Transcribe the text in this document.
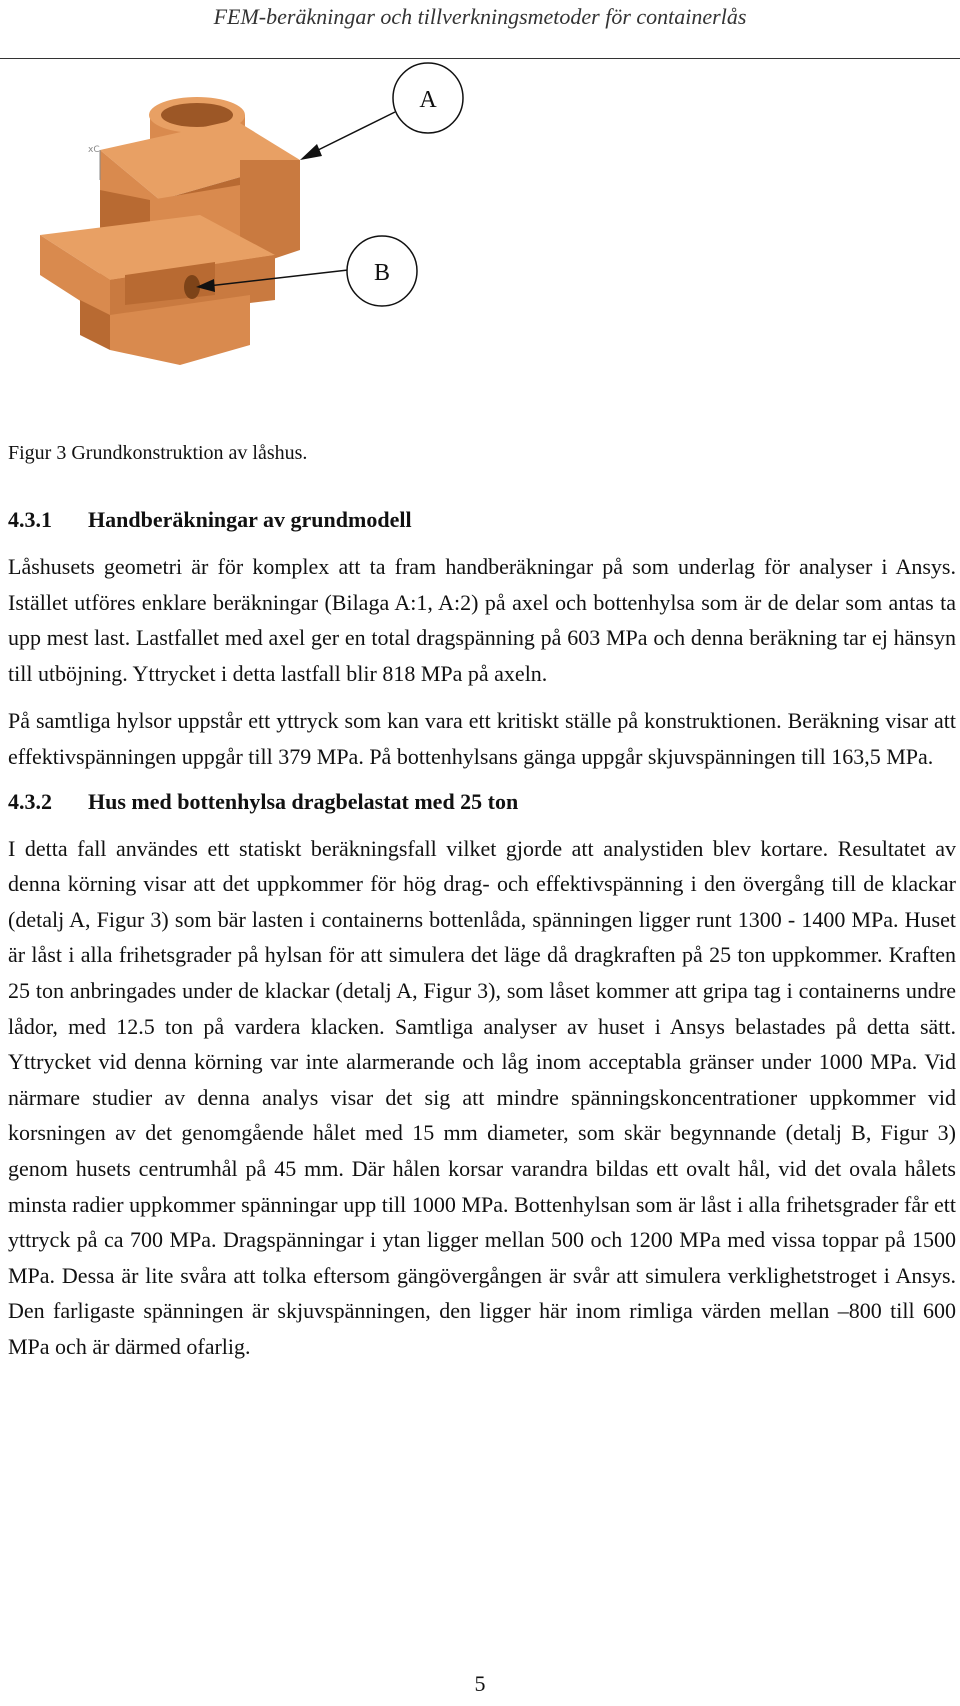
FEM-beräkningar och tillverkningsmetoder för containerlås
xC
A
B
Figur 3 Grundkonstruktion av låshus.
4.3.1 Handberäkningar av grundmodell

Låshusets geometri är för komplex att ta fram handberäkningar på som underlag för analyser i Ansys. Istället utföres enklare beräkningar (Bilaga A:1, A:2) på axel och bottenhylsa som är de delar som antas ta upp mest last. Lastfallet med axel ger en total dragspänning på 603 MPa och denna beräkning tar ej hänsyn till utböjning. Yttrycket i detta lastfall blir 818 MPa på axeln.

På samtliga hylsor uppstår ett yttryck som kan vara ett kritiskt ställe på konstruktionen. Beräkning visar att effektivspänningen uppgår till 379 MPa. På bottenhylsans gänga uppgår skjuvspänningen till 163,5 MPa.

4.3.2 Hus med bottenhylsa dragbelastat med 25 ton

I detta fall användes ett statiskt beräkningsfall vilket gjorde att analystiden blev kortare. Resultatet av denna körning visar att det uppkommer för hög drag- och effektivspänning i den övergång till de klackar (detalj A, Figur 3) som bär lasten i containerns bottenlåda, spänningen ligger runt 1300 - 1400 MPa. Huset är låst i alla frihetsgrader på hylsan för att simulera det läge då dragkraften på 25 ton uppkommer. Kraften 25 ton anbringades under de klackar (detalj A, Figur 3), som låset kommer att gripa tag i containerns undre lådor, med 12.5 ton på vardera klacken. Samtliga analyser av huset i Ansys belastades på detta sätt. Yttrycket vid denna körning var inte alarmerande och låg inom acceptabla gränser under 1000 MPa. Vid närmare studier av denna analys visar det sig att mindre spänningskoncentrationer uppkommer vid korsningen av det genomgående hålet med 15 mm diameter, som skär begynnande (detalj B, Figur 3) genom husets centrumhål på 45 mm. Där hålen korsar varandra bildas ett ovalt hål, vid det ovala hålets minsta radier uppkommer spänningar upp till 1000 MPa. Bottenhylsan som är låst i alla frihetsgrader får ett yttryck på ca 700 MPa. Dragspänningar i ytan ligger mellan 500 och 1200 MPa med vissa toppar på 1500 MPa. Dessa är lite svåra att tolka eftersom gängövergången är svår att simulera verklighetstroget i Ansys. Den farligaste spänningen är skjuvspänningen, den ligger här inom rimliga värden mellan –800 till 600 MPa och är därmed ofarlig.

5
